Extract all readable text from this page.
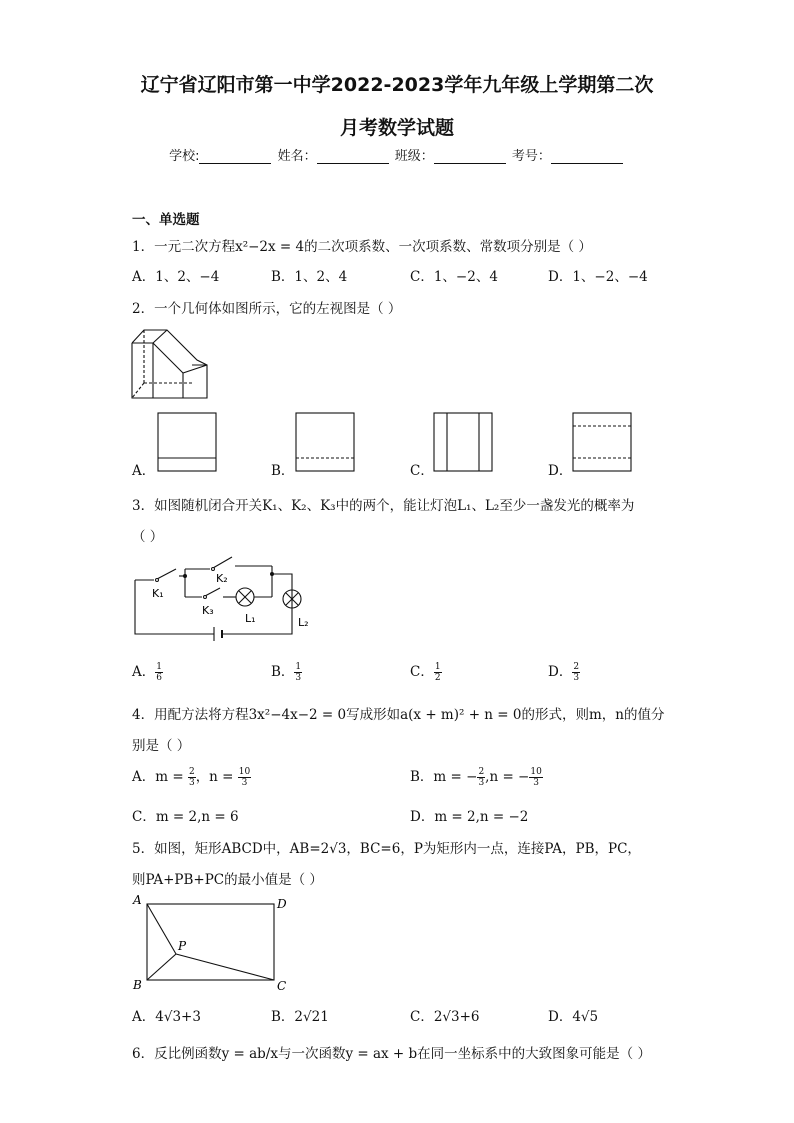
辽宁省辽阳市第一中学2022-2023学年九年级上学期第二次
月考数学试题
学校:	姓名：	班级：	考号：
一、单选题
1．一元二次方程x²−2x = 4的二次项系数、一次项系数、常数项分别是（ ）
A．1、2、−4	B．1、2、4	C．1、−2、4	D．1、−2、−4
2．一个几何体如图所示，它的左视图是（ ）
A．	B．	C．	D．
3．如图随机闭合开关K₁、K₂、K₃中的两个，能让灯泡L₁、L₂至少一盏发光的概率为
（ ）
K₁
K₂
K₃
L₁	L₂
A． $\frac{1}{6}$	B． $\frac{1}{3}$	C． $\frac{1}{2}$	D． $\frac{2}{3}$
4．用配方法将方程3x²−4x−2 = 0写成形如a(x + m)² + n = 0的形式，则m，n的值分
别是（ ）
A．$m = \frac{2}{3}$ ，$n = \frac{10}{3}$	B．m = − $\frac{2}{3} ,n$ = − $\frac{10}{3}$
C．m = 2,n = 6	D．m = 2,n = −2
5．如图，矩形ABCD中，AB=2√3，BC=6，P为矩形内一点，连接PA，PB，PC，
则PA+PB+PC的最小值是（ ）
A
B	C
D
P
A．4√3+3	B．2√21	C．2√3+6	D．4√5
6．反比例函数y = ab/x与一次函数y = ax + b在同一坐标系中的大致图象可能是（ ）
